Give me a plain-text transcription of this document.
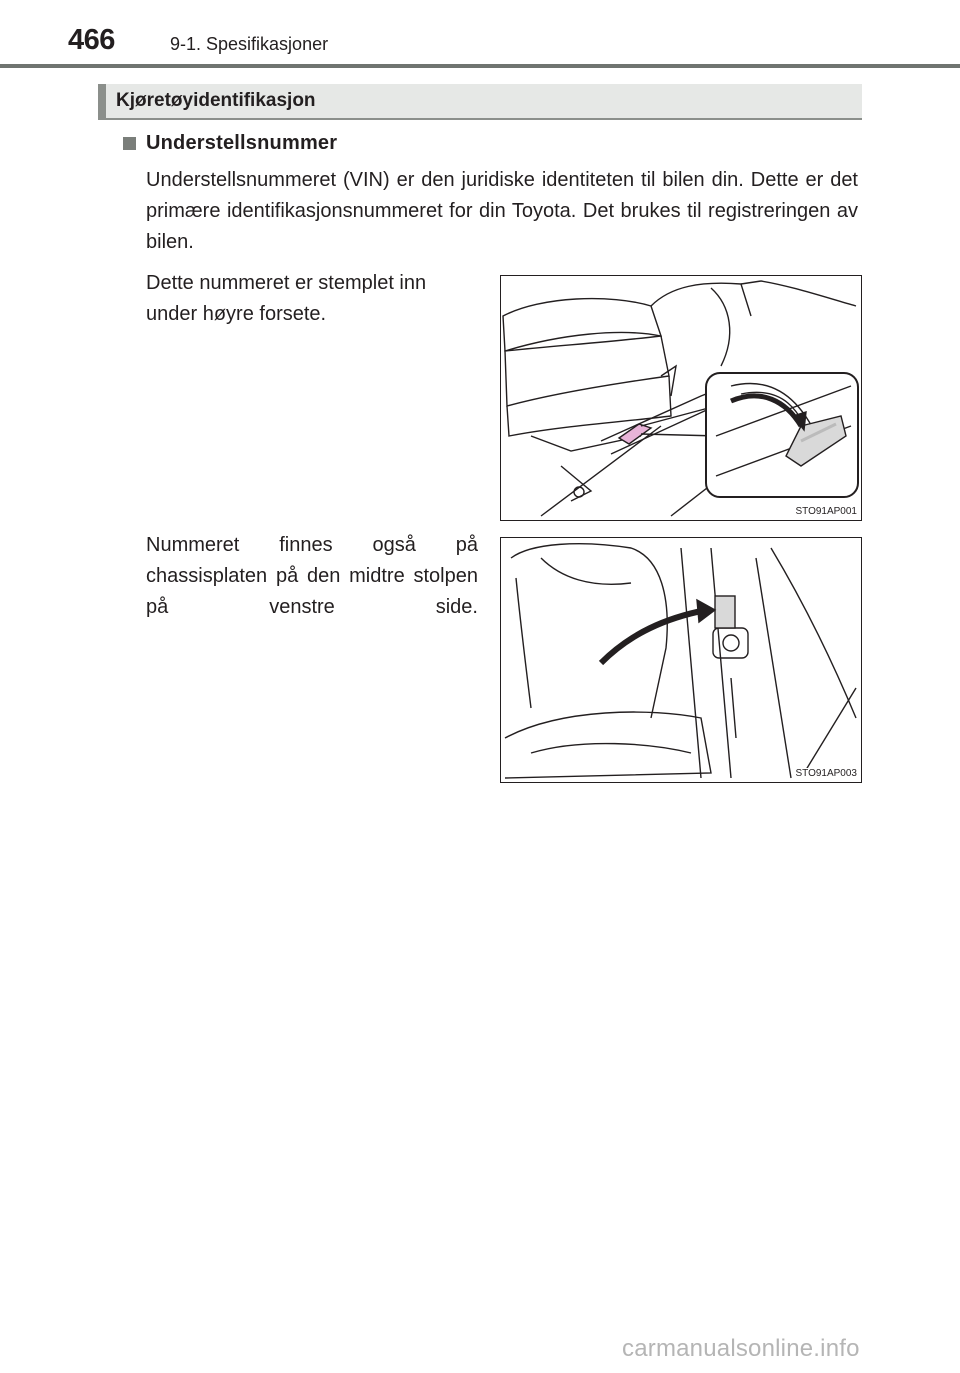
466	9-1. Spesifikasjoner
Kjøretøyidentifikasjon
Understellsnummer
Understellsnummeret (VIN) er den juridiske identiteten til bilen din. Dette er det primære identifikasjonsnummeret for din Toyota. Det brukes til registreringen av bilen.
Dette nummeret er stemplet inn under høyre forsete.
Nummeret finnes også på chassisplaten på den midtre stolpen på venstre side.
STO91AP001
STO91AP003
carmanualsonline.info
